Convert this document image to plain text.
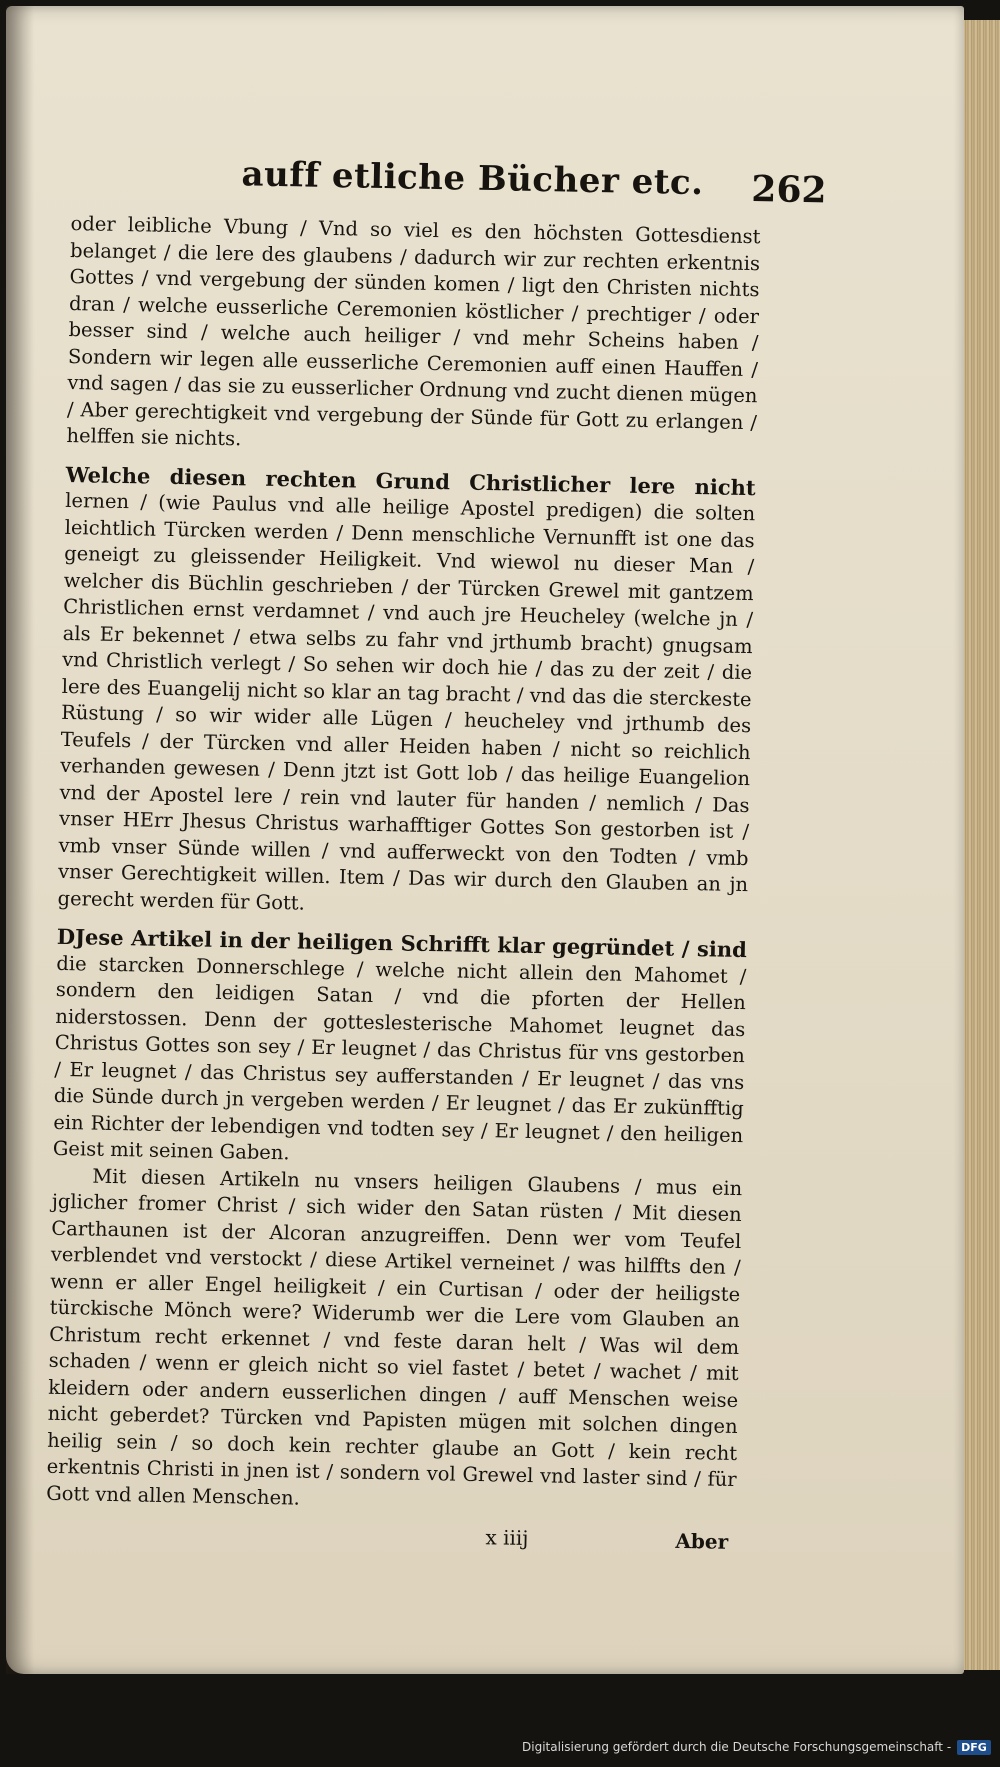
auff etliche Bücher etc. 262

oder leibliche Vbung / Vnd so viel es den höchsten Gottesdienst belanget / die lere des glaubens / dadurch wir zur rechten erkentnis Gottes / vnd vergebung der sünden komen / ligt den Christen nichts dran / welche eusserliche Ceremonien köstlicher / prechtiger / oder besser sind / welche auch heiliger / vnd mehr Scheins haben / Sondern wir legen alle eusserliche Ceremonien auff einen Hauffen / vnd sagen / das sie zu eusserlicher Ordnung vnd zucht dienen mügen / Aber gerechtigkeit vnd vergebung der Sünde für Gott zu erlangen / helffen sie nichts.

Welche diesen rechten Grund Christlicher lere nicht lernen / (wie Paulus vnd alle heilige Apostel predigen) die solten leichtlich Türcken werden / Denn menschliche Vernunfft ist one das geneigt zu gleissender Heiligkeit. Vnd wiewol nu dieser Man / welcher dis Büchlin geschrieben / der Türcken Grewel mit gantzem Christlichen ernst verdamnet / vnd auch jre Heucheley (welche jn / als Er bekennet / etwa selbs zu fahr vnd jrthumb bracht) gnugsam vnd Christlich verlegt / So sehen wir doch hie / das zu der zeit / die lere des Euangelij nicht so klar an tag bracht / vnd das die sterckeste Rüstung / so wir wider alle Lügen / heucheley vnd jrthumb des Teufels / der Türcken vnd aller Heiden haben / nicht so reichlich verhanden gewesen / Denn jtzt ist Gott lob / das heilige Euangelion vnd der Apostel lere / rein vnd lauter für handen / nemlich / Das vnser HErr Jhesus Christus warhafftiger Gottes Son gestorben ist / vmb vnser Sünde willen / vnd aufferweckt von den Todten / vmb vnser Gerechtigkeit willen. Item / Das wir durch den Glauben an jn gerecht werden für Gott.

DJese Artikel in der heiligen Schrifft klar gegründet / sind die starcken Donnerschlege / welche nicht allein den Mahomet / sondern den leidigen Satan / vnd die pforten der Hellen niderstossen. Denn der gotteslesterische Mahomet leugnet das Christus Gottes son sey / Er leugnet / das Christus für vns gestorben / Er leugnet / das Christus sey aufferstanden / Er leugnet / das vns die Sünde durch jn vergeben werden / Er leugnet / das Er zukünfftig ein Richter der lebendigen vnd todten sey / Er leugnet / den heiligen Geist mit seinen Gaben.

Mit diesen Artikeln nu vnsers heiligen Glaubens / mus ein jglicher fromer Christ / sich wider den Satan rüsten / Mit diesen Carthaunen ist der Alcoran anzugreiffen. Denn wer vom Teufel verblendet vnd verstockt / diese Artikel verneinet / was hilffts den / wenn er aller Engel heiligkeit / ein Curtisan / oder der heiligste türckische Mönch were? Widerumb wer die Lere vom Glauben an Christum recht erkennet / vnd feste daran helt / Was wil dem schaden / wenn er gleich nicht so viel fastet / betet / wachet / mit kleidern oder andern eusserlichen dingen / auff Menschen weise nicht geberdet? Türcken vnd Papisten mügen mit solchen dingen heilig sein / so doch kein rechter glaube an Gott / kein recht erkentnis Christi in jnen ist / sondern vol Grewel vnd laster sind / für Gott vnd allen Menschen.

x iiij	Aber
Digitalisierung gefördert durch die Deutsche Forschungsgemeinschaft - DFG
